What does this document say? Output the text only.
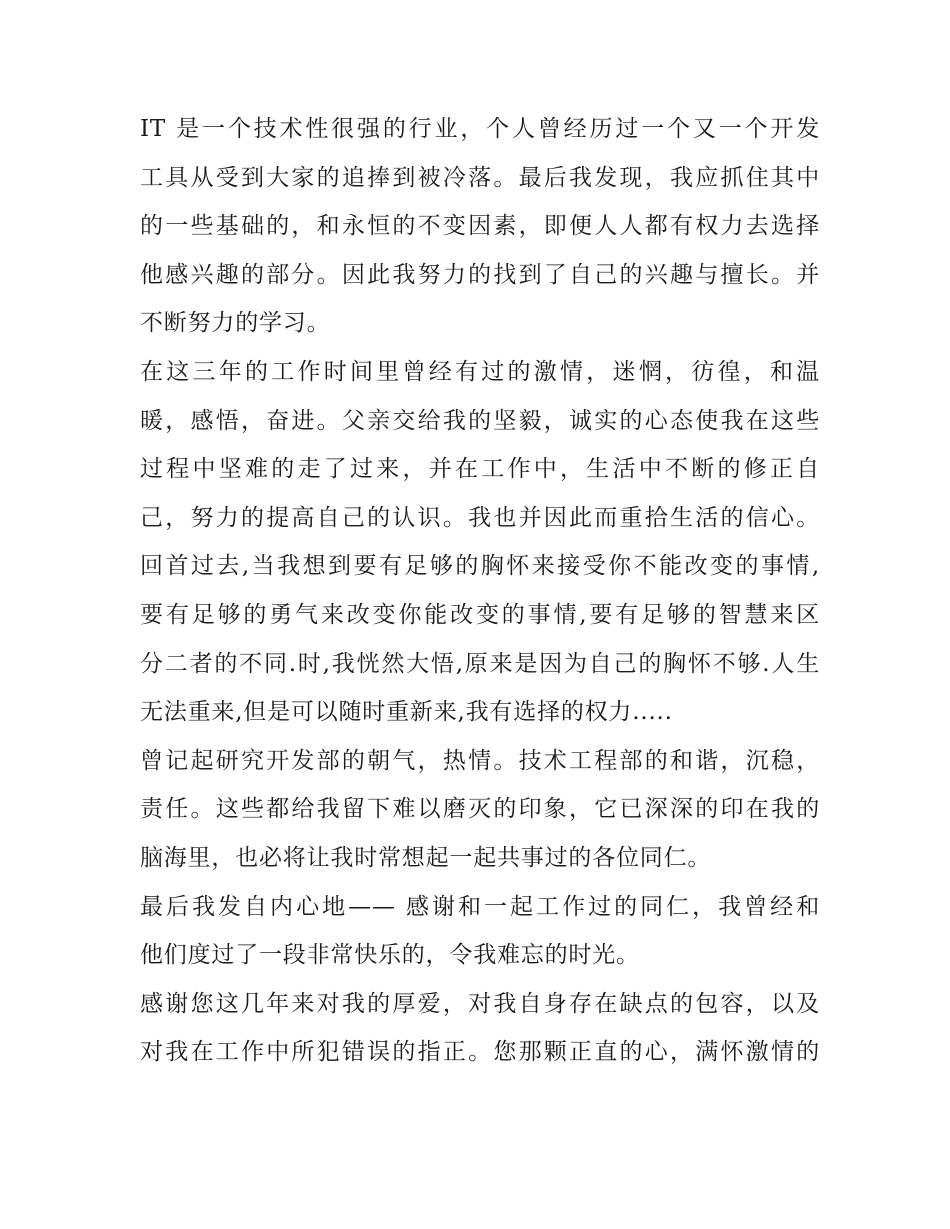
IT 是一个技术性很强的行业，个人曾经历过一个又一个开发
工具从受到大家的追捧到被冷落。最后我发现，我应抓住其中
的一些基础的，和永恒的不变因素，即便人人都有权力去选择
他感兴趣的部分。因此我努力的找到了自己的兴趣与擅长。并
不断努力的学习。
在这三年的工作时间里曾经有过的激情，迷惘，彷徨，和温
暖，感悟，奋进。父亲交给我的坚毅，诚实的心态使我在这些
过程中坚难的走了过来，并在工作中，生活中不断的修正自
己，努力的提高自己的认识。我也并因此而重拾生活的信心。
回首过去,当我想到要有足够的胸怀来接受你不能改变的事情,
要有足够的勇气来改变你能改变的事情,要有足够的智慧来区
分二者的不同.时,我恍然大悟,原来是因为自己的胸怀不够.人生
无法重来,但是可以随时重新来,我有选择的权力.....
曾记起研究开发部的朝气，热情。技术工程部的和谐，沉稳，
责任。这些都给我留下难以磨灭的印象，它已深深的印在我的
脑海里，也必将让我时常想起一起共事过的各位同仁。
最后我发自内心地—— 感谢和一起工作过的同仁，我曾经和
他们度过了一段非常快乐的，令我难忘的时光。
感谢您这几年来对我的厚爱，对我自身存在缺点的包容，以及
对我在工作中所犯错误的指正。您那颗正直的心，满怀激情的
